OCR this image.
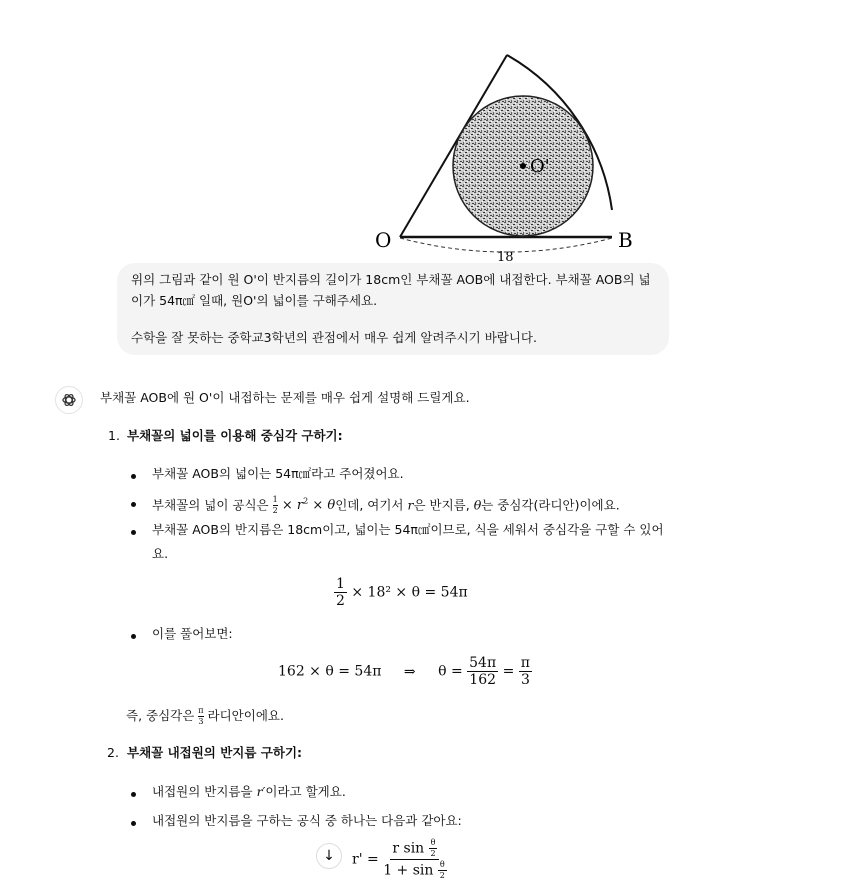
O	B
O'
18

위의 그림과 같이 원 O'이 반지름의 길이가 18cm인 부채꼴 AOB에 내접한다. 부채꼴 AOB의 넓

이가 54π㎠ 일때, 원O'의 넓이를 구해주세요.

수학을 잘 못하는 중학교3학년의 관점에서 매우 쉽게 알려주시기 바랍니다.

부채꼴 AOB에 원 O'이 내접하는 문제를 매우 쉽게 설명해 드릴게요.
1. 부채꼴의 넓이를 이용해 중심각 구하기:
부채꼴 AOB의 넓이는 54π㎠라고 주어졌어요.
부채꼴의 넓이 공식은 $\frac{1}{2} \times r^2 \times \theta$인데, 여기서 r은 반지름, θ는 중심각(라디안)이에요.
부채꼴 AOB의 반지름은 18cm이고, 넓이는 54π㎠이므로, 식을 세워서 중심각을 구할 수 있어
요.
$\frac{1}{2} \times 18^2 \times \theta = 54\pi$
이를 풀어보면:
162 × θ = 54π ⇒ $\theta = \frac{54\pi}{162} = \frac{\pi}{3}$
즉, 중심각은 $\frac{\pi}{3}$ 라디안이에요.
2. 부채꼴 내접원의 반지름 구하기:
내접원의 반지름을 r′이라고 할게요.
내접원의 반지름을 구하는 공식 중 하나는 다음과 같아요:
$r' = \frac{r \sin \frac{\theta}{2}}{1 + \sin \frac{\theta}{2}}$
↓
